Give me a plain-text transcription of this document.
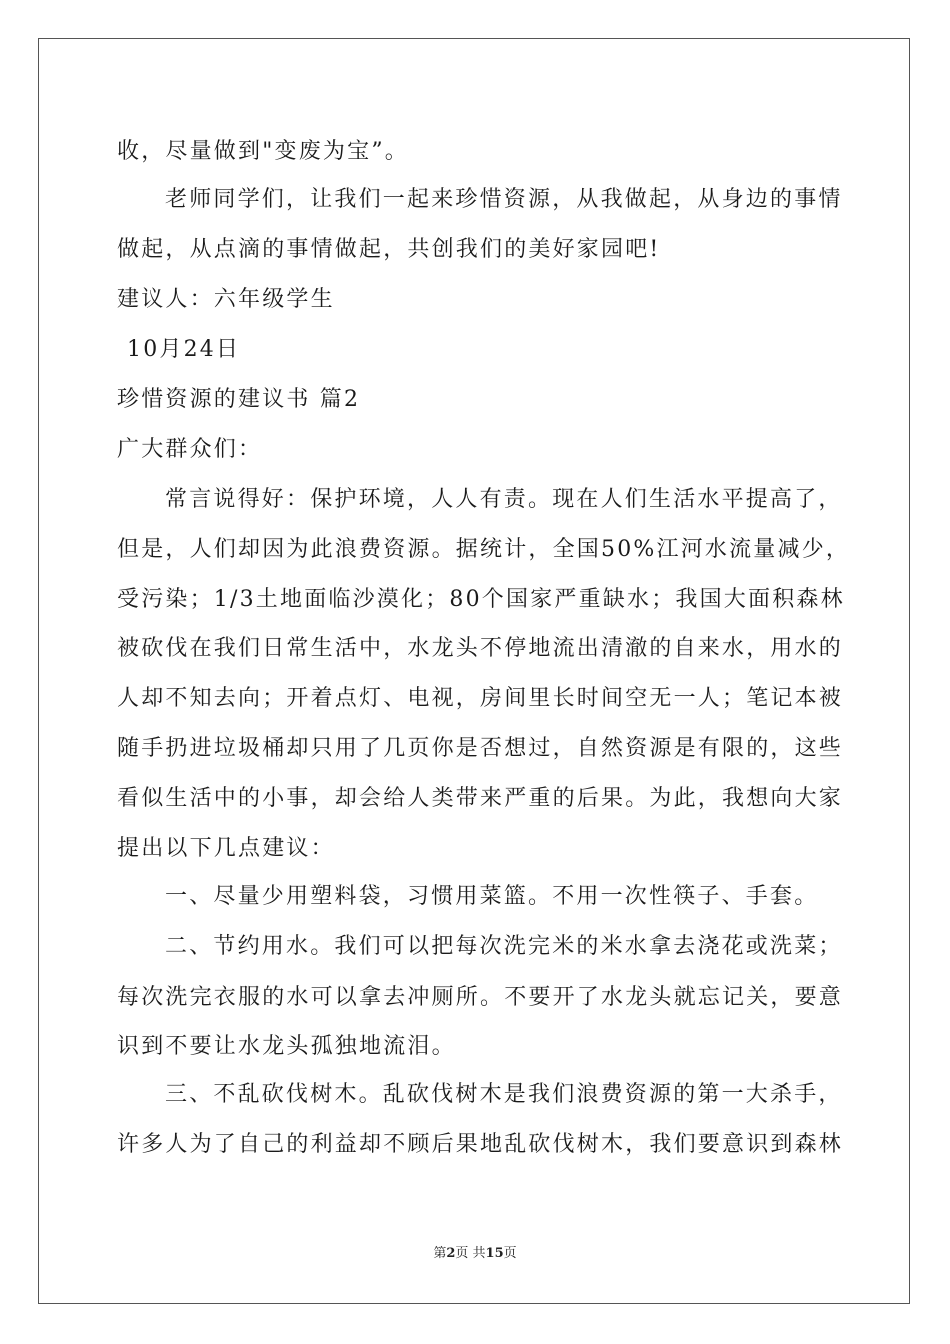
收，尽量做到"变废为宝”。
老师同学们，让我们一起来珍惜资源，从我做起，从身边的事情
做起，从点滴的事情做起，共创我们的美好家园吧!
建议人：六年级学生
10月24日
珍惜资源的建议书 篇2
广大群众们：
常言说得好：保护环境，人人有责。现在人们生活水平提高了，
但是，人们却因为此浪费资源。据统计，全国50%江河水流量减少，
受污染；1/3土地面临沙漠化；80个国家严重缺水；我国大面积森林
被砍伐在我们日常生活中，水龙头不停地流出清澈的自来水，用水的
人却不知去向；开着点灯、电视，房间里长时间空无一人；笔记本被
随手扔进垃圾桶却只用了几页你是否想过，自然资源是有限的，这些
看似生活中的小事，却会给人类带来严重的后果。为此，我想向大家
提出以下几点建议：
一、尽量少用塑料袋，习惯用菜篮。不用一次性筷子、手套。
二、节约用水。我们可以把每次洗完米的米水拿去浇花或洗菜；
每次洗完衣服的水可以拿去冲厕所。不要开了水龙头就忘记关，要意
识到不要让水龙头孤独地流泪。
三、不乱砍伐树木。乱砍伐树木是我们浪费资源的第一大杀手，
许多人为了自己的利益却不顾后果地乱砍伐树木，我们要意识到森林
第2页 共15页
